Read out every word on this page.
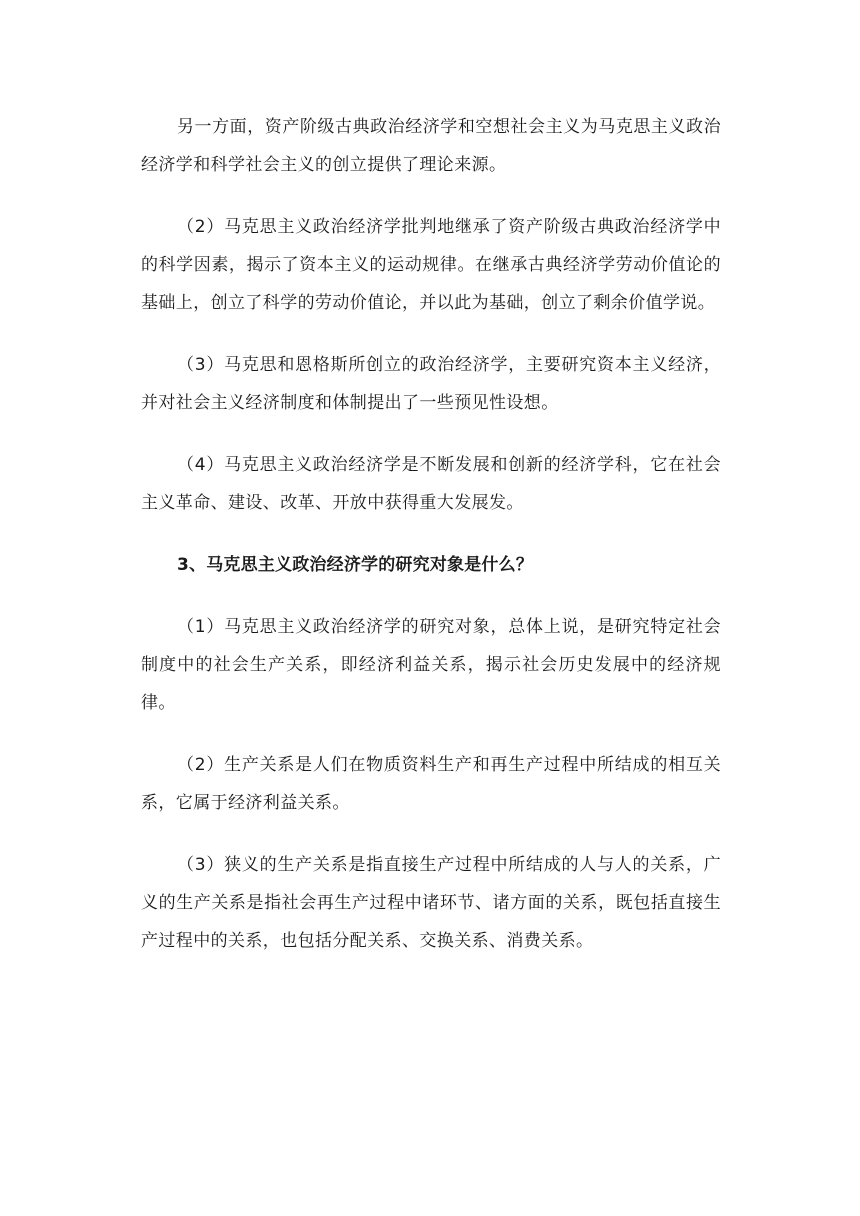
另一方面，资产阶级古典政治经济学和空想社会主义为马克思主义政治经济学和科学社会主义的创立提供了理论来源。

（2）马克思主义政治经济学批判地继承了资产阶级古典政治经济学中的科学因素，揭示了资本主义的运动规律。在继承古典经济学劳动价值论的基础上，创立了科学的劳动价值论，并以此为基础，创立了剩余价值学说。

（3）马克思和恩格斯所创立的政治经济学，主要研究资本主义经济，并对社会主义经济制度和体制提出了一些预见性设想。

（4）马克思主义政治经济学是不断发展和创新的经济学科，它在社会主义革命、建设、改革、开放中获得重大发展发。

3、马克思主义政治经济学的研究对象是什么？

（1）马克思主义政治经济学的研究对象，总体上说，是研究特定社会制度中的社会生产关系，即经济利益关系，揭示社会历史发展中的经济规律。

（2）生产关系是人们在物质资料生产和再生产过程中所结成的相互关系，它属于经济利益关系。

（3）狭义的生产关系是指直接生产过程中所结成的人与人的关系，广义的生产关系是指社会再生产过程中诸环节、诸方面的关系，既包括直接生产过程中的关系，也包括分配关系、交换关系、消费关系。
